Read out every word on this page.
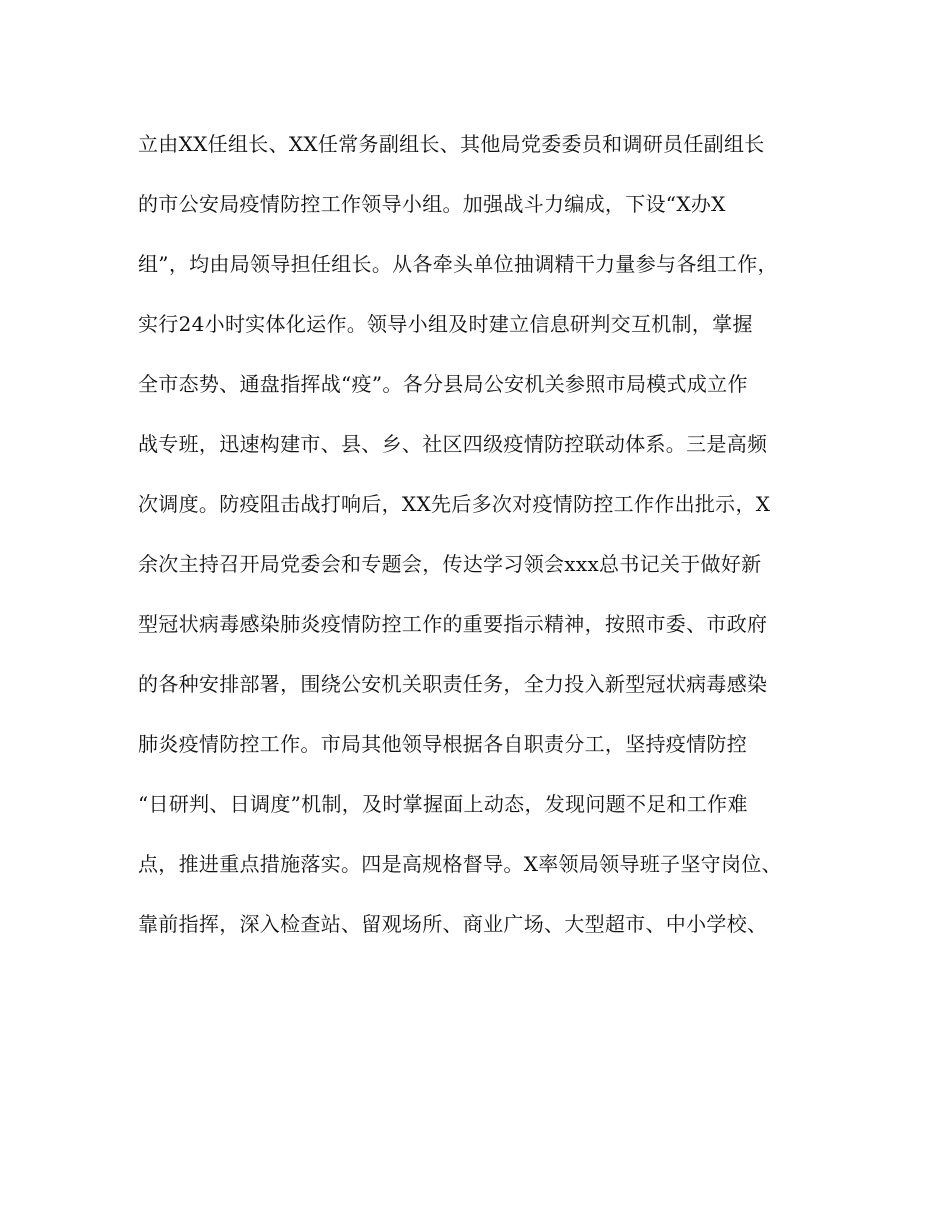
立由XX任组长、XX任常务副组长、其他局党委委员和调研员任副组长
的市公安局疫情防控工作领导小组。加强战斗力编成，下设“X办X
组”，均由局领导担任组长。从各牵头单位抽调精干力量参与各组工作，
实行24小时实体化运作。领导小组及时建立信息研判交互机制，掌握
全市态势、通盘指挥战“疫”。各分县局公安机关参照市局模式成立作
战专班，迅速构建市、县、乡、社区四级疫情防控联动体系。三是高频
次调度。防疫阻击战打响后，XX先后多次对疫情防控工作作出批示，X
余次主持召开局党委会和专题会，传达学习领会xxx总书记关于做好新
型冠状病毒感染肺炎疫情防控工作的重要指示精神，按照市委、市政府
的各种安排部署，围绕公安机关职责任务，全力投入新型冠状病毒感染
肺炎疫情防控工作。市局其他领导根据各自职责分工，坚持疫情防控
“日研判、日调度”机制，及时掌握面上动态，发现问题不足和工作难
点，推进重点措施落实。四是高规格督导。X率领局领导班子坚守岗位、
靠前指挥，深入检查站、留观场所、商业广场、大型超市、中小学校、
